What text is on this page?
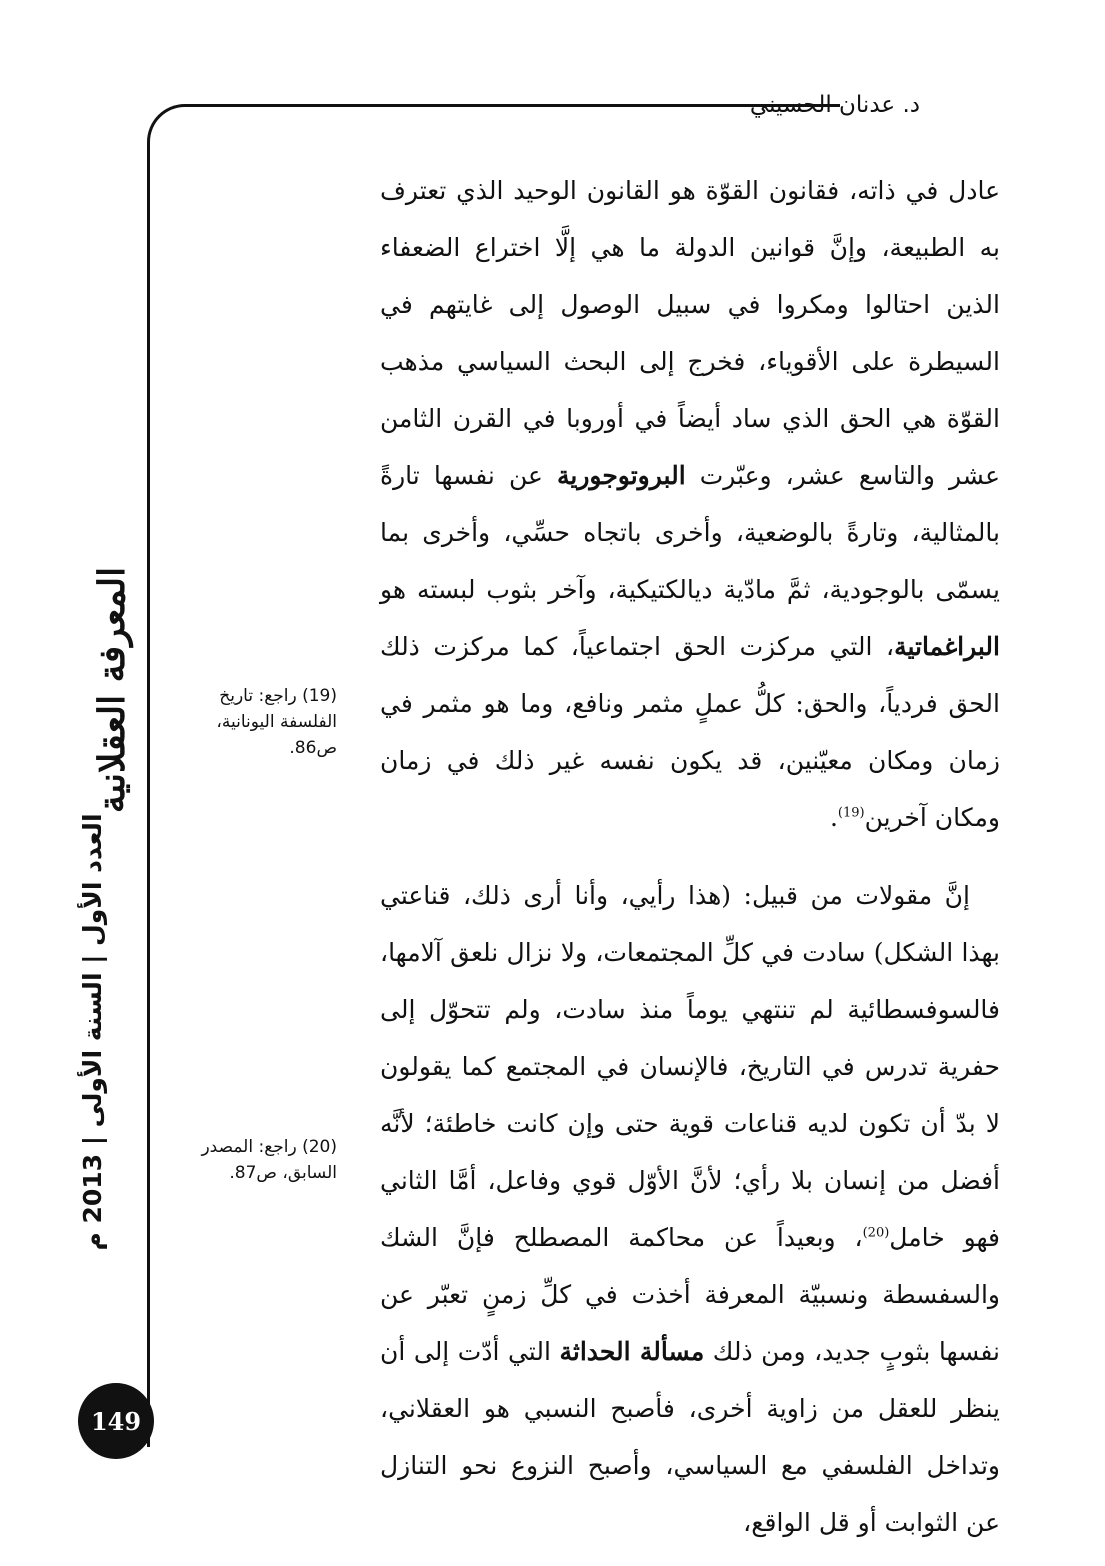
د. عدنان الحسيني

عادل في ذاته، فقانون القوّة هو القانون الوحيد الذي تعترف به الطبيعة، وإنَّ قوانين الدولة ما هي إلَّا اختراع الضعفاء الذين احتالوا ومكروا في سبيل الوصول إلى غايتهم في السيطرة على الأقوياء، فخرج إلى البحث السياسي مذهب القوّة هي الحق الذي ساد أيضاً في أوروبا في القرن الثامن عشر والتاسع عشر، وعبّرت البروتوجورية عن نفسها تارةً بالمثالية، وتارةً بالوضعية، وأخرى باتجاه حسِّي، وأخرى بما يسمّى بالوجودية، ثمَّ مادّية ديالكتيكية، وآخر بثوب لبسته هو البراغماتية، التي مركزت الحق اجتماعياً، كما مركزت ذلك الحق فردياً، والحق: كلُّ عملٍ مثمر ونافع، وما هو مثمر في زمان ومكان معيّنين، قد يكون نفسه غير ذلك في زمان ومكان آخرين$^{(19)}$.

إنَّ مقولات من قبيل: (هذا رأيي، وأنا أرى ذلك، قناعتي بهذا الشكل) سادت في كلِّ المجتمعات، ولا نزال نلعق آلامها، فالسوفسطائية لم تنتهي يوماً منذ سادت، ولم تتحوّل إلى حفرية تدرس في التاريخ، فالإنسان في المجتمع كما يقولون لا بدّ أن تكون لديه قناعات قوية حتى وإن كانت خاطئة؛ لأنَّه أفضل من إنسان بلا رأي؛ لأنَّ الأوّل قوي وفاعل، أمَّا الثاني فهو خامل$^{(20)}$، وبعيداً عن محاكمة المصطلح فإنَّ الشك والسفسطة ونسبيّة المعرفة أخذت في كلِّ زمنٍ تعبّر عن نفسها بثوبٍ جديد، ومن ذلك مسألة الحداثة التي أدّت إلى أن ينظر للعقل من زاوية أخرى، فأصبح النسبي هو العقلاني، وتداخل الفلسفي مع السياسي، وأصبح النزوع نحو التنازل عن الثوابت أو قل الواقع،

(19) راجع: تاريخ الفلسفة اليونانية، ص86.
(20) راجع: المصدر السابق، ص87.
المعرفة العقلانية
العدد الأول | السنة الأولى | 2013 م
149
